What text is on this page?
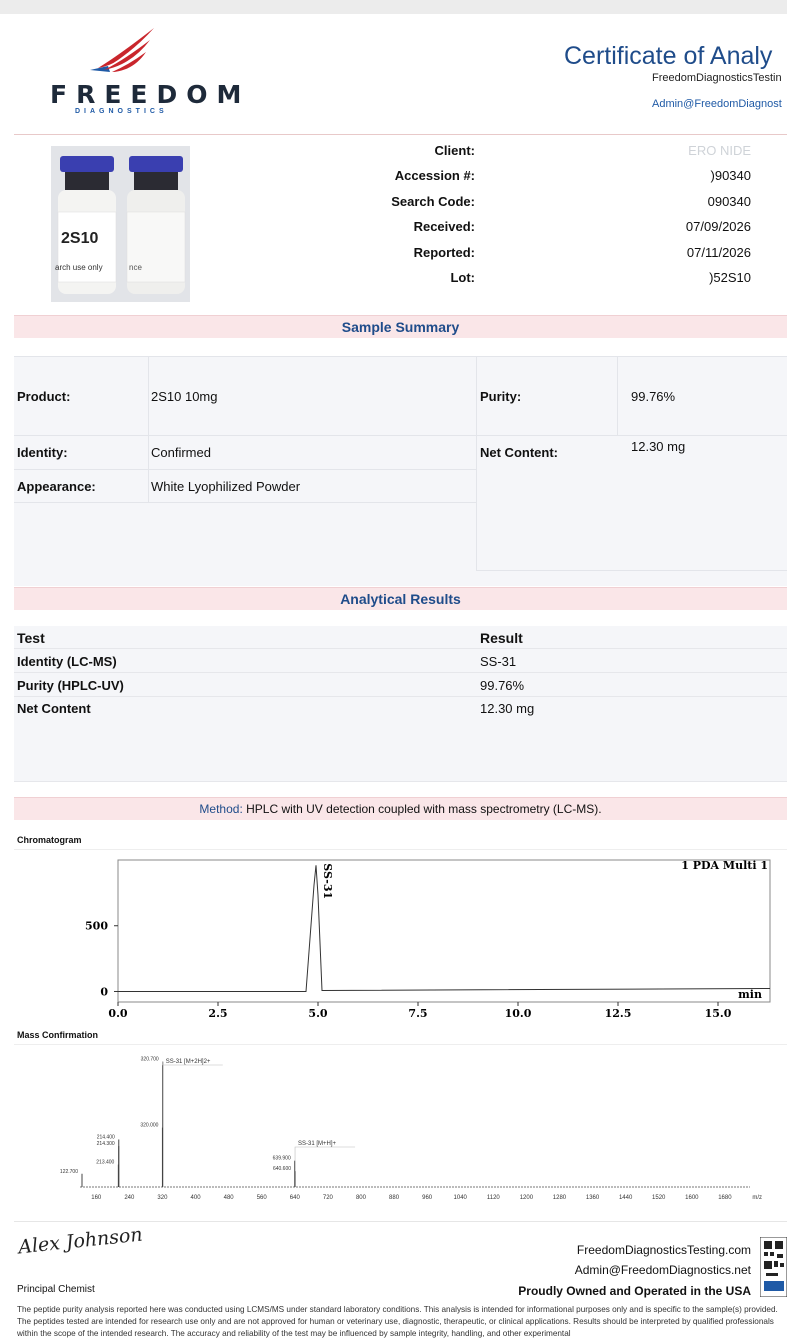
FREEDOM
DIAGNOSTICS
Certificate of Analy
FreedomDiagnosticsTestin
Admin@FreedomDiagnost
2S10
arch use only	nce
Client:	ERO NIDE
Accession #:	)90340
Search Code:	090340
Received:	07/09/2026
Reported:	07/11/2026
Lot:	)52S10
Sample Summary
Product:	2S10 10mg	Purity:	99.76%
Identity:	Confirmed	Net Content:	12.30 mg
Appearance:	White Lyophilized Powder
Analytical Results
Test	Result
Identity (LC-MS)	SS-31
Purity (HPLC-UV)	99.76%
Net Content	12.30 mg
Method: HPLC with UV detection coupled with mass spectrometry (LC-MS).
Chromatogram
0.0	2.5	5.0	7.5	10.0	12.5	15.0
0
500
min
1 PDA Multi 1
SS-31
Mass Confirmation
160	240	320	400	480	560	640	720	800	880	960	1040	1120	1200	1280	1360	1440	1520	1600	1680	m/z
122.700
213.400
214.300
214.400
320.000
320.700
639.900
640.600
SS-31 [M+2H]2+
SS-31 [M+H]+
Alex Johnson
Principal Chemist
FreedomDiagnosticsTesting.com
Admin@FreedomDiagnostics.net
Proudly Owned and Operated in the USA
The peptide purity analysis reported here was conducted using LCMS/MS under standard laboratory conditions. This analysis is intended for informational purposes only and is specific to the sample(s) provided. The peptides tested are intended for research use only and are not approved for human or veterinary use, diagnostic, therapeutic, or clinical applications. Results should be interpreted by qualified professionals within the scope of the intended research. The accuracy and reliability of the test may be influenced by sample integrity, handling, and other experimental
